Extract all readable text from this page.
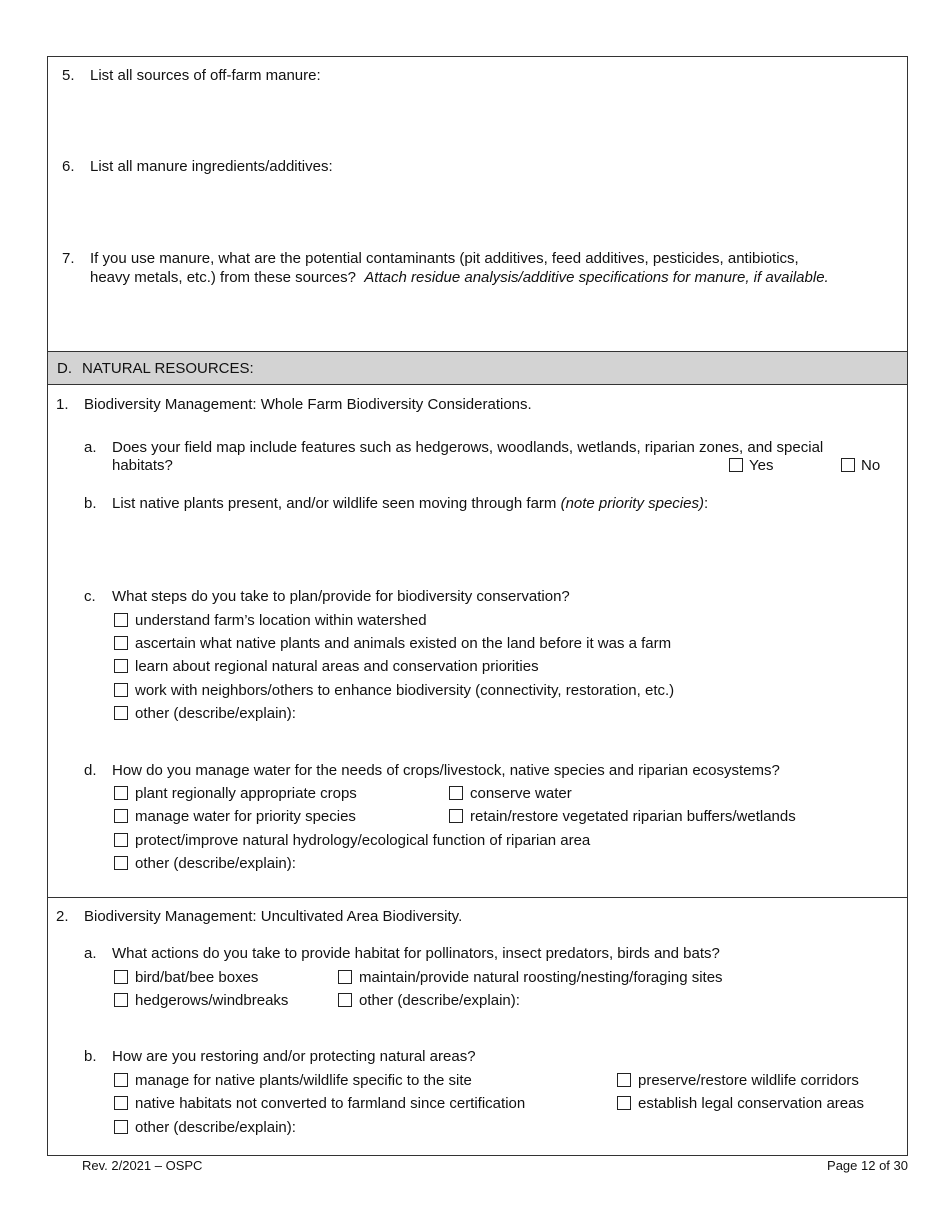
5. List all sources of off-farm manure:
6. List all manure ingredients/additives:
7. If you use manure, what are the potential contaminants (pit additives, feed additives, pesticides, antibiotics,
heavy metals, etc.) from these sources? Attach residue analysis/additive specifications for manure, if available.
D. NATURAL RESOURCES:
1. Biodiversity Management: Whole Farm Biodiversity Considerations.
a. Does your field map include features such as hedgerows, woodlands, wetlands, riparian zones, and special
habitats?	Yes	No
b. List native plants present, and/or wildlife seen moving through farm (note priority species):
c. What steps do you take to plan/provide for biodiversity conservation?
understand farm’s location within watershed
ascertain what native plants and animals existed on the land before it was a farm
learn about regional natural areas and conservation priorities
work with neighbors/others to enhance biodiversity (connectivity, restoration, etc.)
other (describe/explain):
d. How do you manage water for the needs of crops/livestock, native species and riparian ecosystems?
plant regionally appropriate crops	conserve water
manage water for priority species	retain/restore vegetated riparian buffers/wetlands
protect/improve natural hydrology/ecological function of riparian area
other (describe/explain):
2. Biodiversity Management: Uncultivated Area Biodiversity.
a. What actions do you take to provide habitat for pollinators, insect predators, birds and bats?
bird/bat/bee boxes	maintain/provide natural roosting/nesting/foraging sites
hedgerows/windbreaks	other (describe/explain):
b. How are you restoring and/or protecting natural areas?
manage for native plants/wildlife specific to the site	preserve/restore wildlife corridors
native habitats not converted to farmland since certification	establish legal conservation areas
other (describe/explain):
Rev. 2/2021 – OSPC	Page 12 of 30
